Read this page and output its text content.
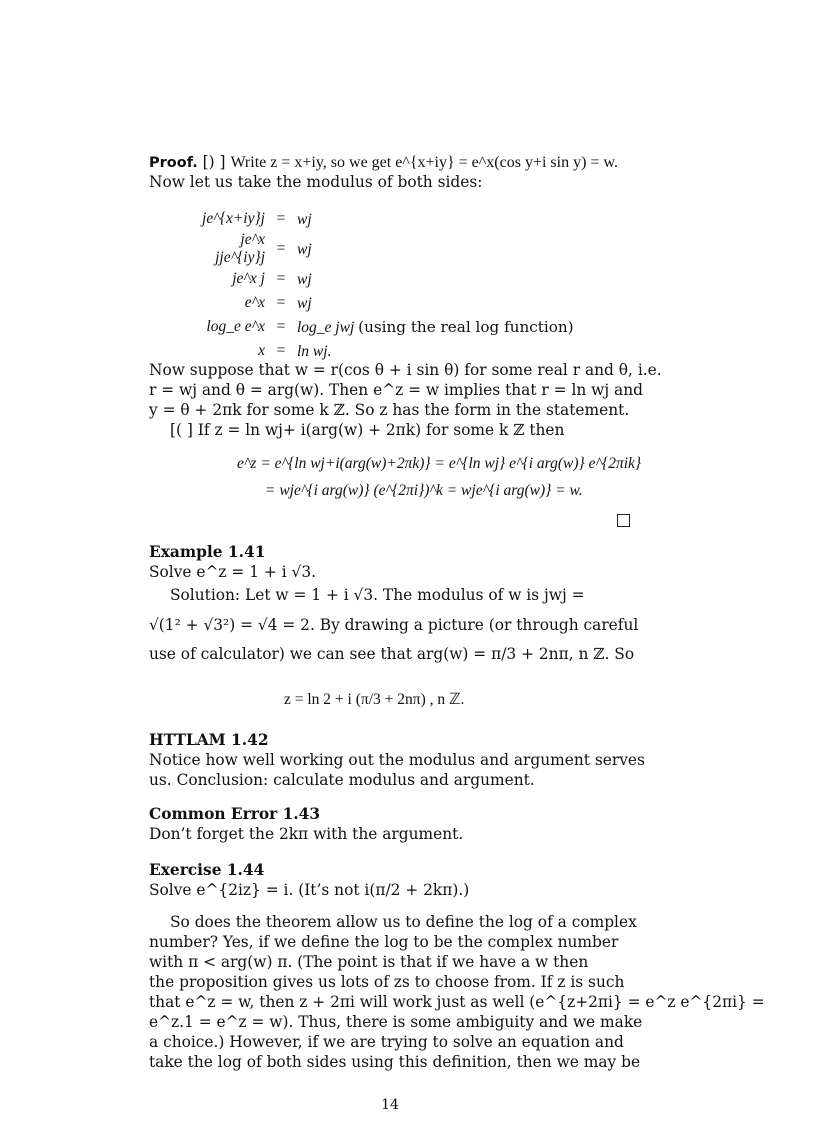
Proof. [) ] Write z = x+iy, so we get e^{x+iy} = e^x(cos y+i sin y) = w.
Now let us take the modulus of both sides:
je^{x+iy}j	=	wj
je^x jje^{iy}j	=	wj
je^x j	=	wj
e^x	=	wj
log_e e^x	=	log_e jwj (using the real log function)
x	=	ln wj.
Now suppose that w = r(cos θ + i sin θ) for some real r and θ, i.e.
r = wj and θ = arg(w). Then e^z = w implies that r = ln wj and
y = θ + 2πk for some k ℤ. So z has the form in the statement.
[( ] If z = ln wj+ i(arg(w) + 2πk) for some k ℤ then
e^z = e^{ln wj+i(arg(w)+2πk)} = e^{ln wj} e^{i arg(w)} e^{2πik}
= wje^{i arg(w)} (e^{2πi})^k = wje^{i arg(w)} = w.
Example 1.41
Solve e^z = 1 + i √3.
Solution: Let w = 1 + i √3. The modulus of w is jwj =
√(1² + √3²) = √4 = 2. By drawing a picture (or through careful
use of calculator) we can see that arg(w) = π/3 + 2nπ, n ℤ. So
z = ln 2 + i (π/3 + 2nπ) , n ℤ.
HTTLAM 1.42
Notice how well working out the modulus and argument serves
us. Conclusion: calculate modulus and argument.
Common Error 1.43
Don’t forget the 2kπ with the argument.
Exercise 1.44
Solve e^{2iz} = i. (It’s not i(π/2 + 2kπ).)
So does the theorem allow us to define the log of a complex
number? Yes, if we define the log to be the complex number
with π < arg(w) π. (The point is that if we have a w then
the proposition gives us lots of zs to choose from. If z is such
that e^z = w, then z + 2πi will work just as well (e^{z+2πi} = e^z e^{2πi} =
e^z.1 = e^z = w). Thus, there is some ambiguity and we make
a choice.) However, if we are trying to solve an equation and
take the log of both sides using this definition, then we may be
14
